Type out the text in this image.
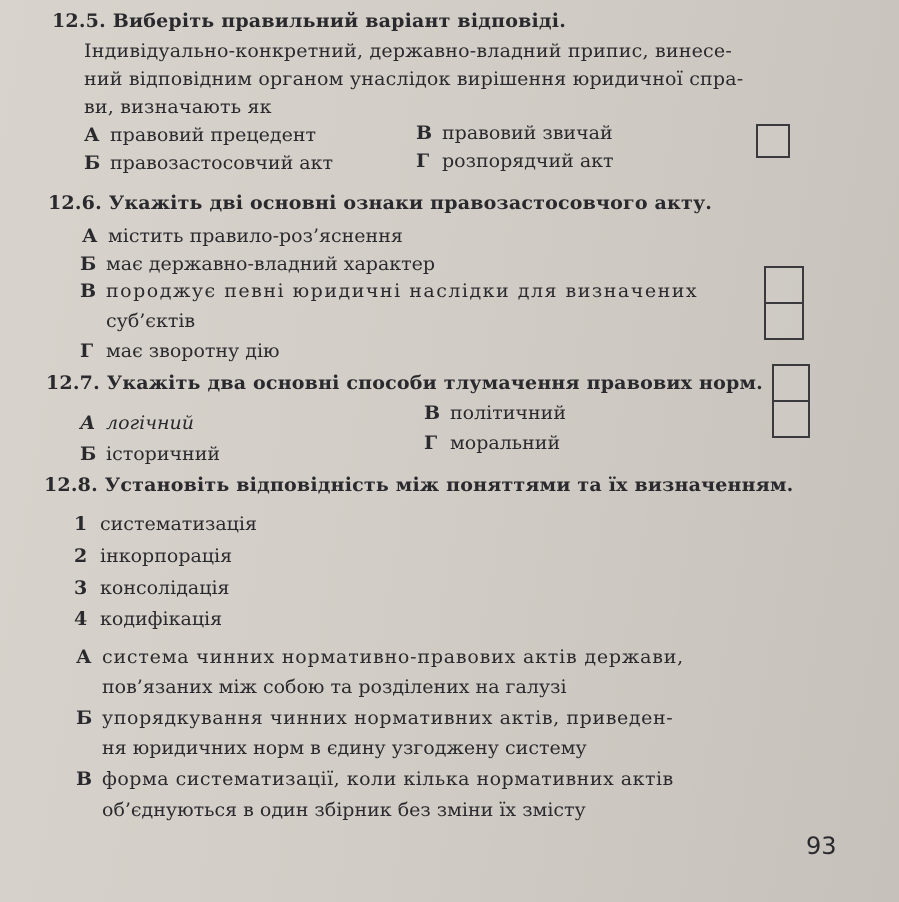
12.5. Виберіть правильний варіант відповіді.
Індивідуально-конкретний, державно-владний припис, винесе-
ний відповідним органом унаслідок вирішення юридичної спра-
ви, визначають як
А правовий прецедент	В правовий звичай
Б правозастосовчий акт	Г розпорядчий акт
12.6. Укажіть дві основні ознаки правозастосовчого акту.
А містить правило-роз’яснення
Б має державно-владний характер
В породжує певні юридичні наслідки для визначених
суб’єктів
Г має зворотну дію
12.7. Укажіть два основні способи тлумачення правових норм.
А логічний	В політичний
Б історичний	Г моральний
12.8. Установіть відповідність між поняттями та їх визначенням.
1 систематизація
2 інкорпорація
3 консолідація
4 кодифікація
А система чинних нормативно-правових актів держави,
пов’язаних між собою та розділених на галузі
Б упорядкування чинних нормативних актів, приведен-
ня юридичних норм в єдину узгоджену систему
В форма систематизації, коли кілька нормативних актів
об’єднуються в один збірник без зміни їх змісту
93
